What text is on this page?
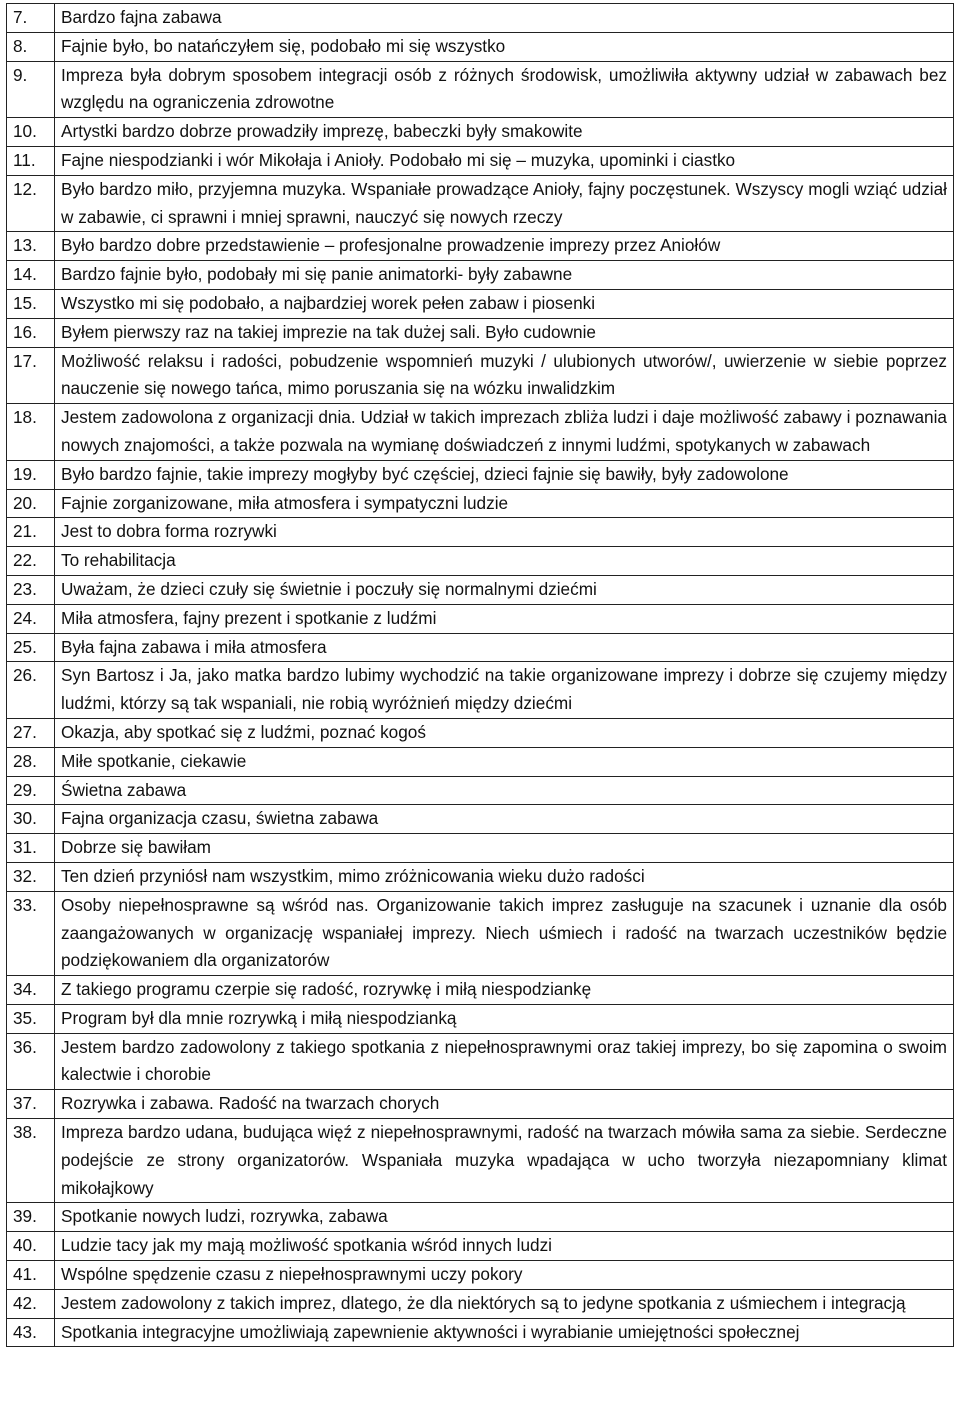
7.	Bardzo fajna zabawa
8.	Fajnie było, bo natańczyłem się, podobało mi się wszystko
9.	Impreza była dobrym sposobem integracji osób z różnych środowisk, umożliwiła aktywny udział w zabawach bez względu na ograniczenia zdrowotne
10.	Artystki bardzo dobrze prowadziły imprezę, babeczki były smakowite
11.	Fajne niespodzianki i wór Mikołaja i Anioły. Podobało mi się – muzyka, upominki i ciastko
12.	Było bardzo miło, przyjemna muzyka. Wspaniałe prowadzące Anioły, fajny poczęstunek. Wszyscy mogli wziąć udział w zabawie, ci sprawni i mniej sprawni, nauczyć się nowych rzeczy
13.	Było bardzo dobre przedstawienie – profesjonalne prowadzenie imprezy przez Aniołów
14.	Bardzo fajnie było, podobały mi się panie animatorki- były zabawne
15.	Wszystko mi się podobało, a najbardziej worek pełen zabaw i piosenki
16.	Byłem pierwszy raz na takiej imprezie na tak dużej sali. Było cudownie
17.	Możliwość relaksu i radości, pobudzenie wspomnień muzyki / ulubionych utworów/, uwierzenie w siebie poprzez nauczenie się nowego tańca, mimo poruszania się na wózku inwalidzkim
18.	Jestem zadowolona z organizacji dnia. Udział w takich imprezach zbliża ludzi i daje możliwość zabawy i poznawania nowych znajomości, a także pozwala na wymianę doświadczeń z innymi ludźmi, spotykanych w zabawach
19.	Było bardzo fajnie, takie imprezy mogłyby być częściej, dzieci fajnie się bawiły, były zadowolone
20.	Fajnie zorganizowane, miła atmosfera i sympatyczni ludzie
21.	Jest to dobra forma rozrywki
22.	To rehabilitacja
23.	Uważam, że dzieci czuły się świetnie i poczuły się normalnymi dziećmi
24.	Miła atmosfera, fajny prezent i spotkanie z ludźmi
25.	Była fajna zabawa i miła atmosfera
26.	Syn Bartosz i Ja, jako matka bardzo lubimy wychodzić na takie organizowane imprezy i dobrze się czujemy między ludźmi, którzy są tak wspaniali, nie robią wyróżnień między dziećmi
27.	Okazja, aby spotkać się z ludźmi, poznać kogoś
28.	Miłe spotkanie, ciekawie
29.	Świetna zabawa
30.	Fajna organizacja czasu, świetna zabawa
31.	Dobrze się bawiłam
32.	Ten dzień przyniósł nam wszystkim, mimo zróżnicowania wieku dużo radości
33.	Osoby niepełnosprawne są wśród nas. Organizowanie takich imprez zasługuje na szacunek i uznanie dla osób zaangażowanych w organizację wspaniałej imprezy. Niech uśmiech i radość na twarzach uczestników będzie podziękowaniem dla organizatorów
34.	Z takiego programu czerpie się radość, rozrywkę i miłą niespodziankę
35.	Program był dla mnie rozrywką i miłą niespodzianką
36.	Jestem bardzo zadowolony z takiego spotkania z niepełnosprawnymi oraz takiej imprezy, bo się zapomina o swoim kalectwie i chorobie
37.	Rozrywka i zabawa. Radość na twarzach chorych
38.	Impreza bardzo udana, budująca więź z niepełnosprawnymi, radość na twarzach mówiła sama za siebie. Serdeczne podejście ze strony organizatorów. Wspaniała muzyka wpadająca w ucho tworzyła niezapomniany klimat mikołajkowy
39.	Spotkanie nowych ludzi, rozrywka, zabawa
40.	Ludzie tacy jak my mają możliwość spotkania wśród innych ludzi
41.	Wspólne spędzenie czasu z niepełnosprawnymi uczy pokory
42.	Jestem zadowolony z takich imprez, dlatego, że dla niektórych są to jedyne spotkania z uśmiechem i integracją
43.	Spotkania integracyjne umożliwiają zapewnienie aktywności i wyrabianie umiejętności społecznej
